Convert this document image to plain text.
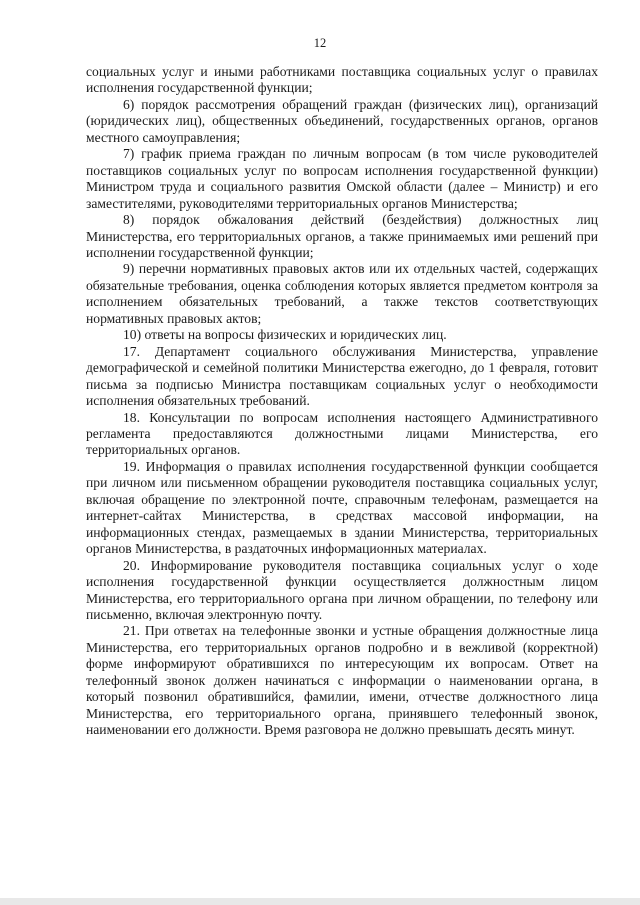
12

социальных услуг и иными работниками поставщика социальных услуг о правилах исполнения государственной функции;

6) порядок рассмотрения обращений граждан (физических лиц), организаций (юридических лиц), общественных объединений, государственных органов, органов местного самоуправления;

7) график приема граждан по личным вопросам (в том числе руководителей поставщиков социальных услуг по вопросам исполнения государственной функции) Министром труда и социального развития Омской области (далее – Министр) и его заместителями, руководителями территориальных органов Министерства;

8) порядок обжалования действий (бездействия) должностных лиц Министерства, его территориальных органов, а также принимаемых ими решений при исполнении государственной функции;

9) перечни нормативных правовых актов или их отдельных частей, содержащих обязательные требования, оценка соблюдения которых является предметом контроля за исполнением обязательных требований, а также текстов соответствующих нормативных правовых актов;

10) ответы на вопросы физических и юридических лиц.

17. Департамент социального обслуживания Министерства, управление демографической и семейной политики Министерства ежегодно, до 1 февраля, готовит письма за подписью Министра поставщикам социальных услуг о необходимости исполнения обязательных требований.

18. Консультации по вопросам исполнения настоящего Административного регламента предоставляются должностными лицами Министерства, его территориальных органов.

19. Информация о правилах исполнения государственной функции сообщается при личном или письменном обращении руководителя поставщика социальных услуг, включая обращение по электронной почте, справочным телефонам, размещается на интернет-сайтах Министерства, в средствах массовой информации, на информационных стендах, размещаемых в здании Министерства, территориальных органов Министерства, в раздаточных информационных материалах.

20. Информирование руководителя поставщика социальных услуг о ходе исполнения государственной функции осуществляется должностным лицом Министерства, его территориального органа при личном обращении, по телефону или письменно, включая электронную почту.

21. При ответах на телефонные звонки и устные обращения должностные лица Министерства, его территориальных органов подробно и в вежливой (корректной) форме информируют обратившихся по интересующим их вопросам. Ответ на телефонный звонок должен начинаться с информации о наименовании органа, в который позвонил обратившийся, фамилии, имени, отчестве должностного лица Министерства, его территориального органа, принявшего телефонный звонок, наименовании его должности. Время разговора не должно превышать десять минут.
